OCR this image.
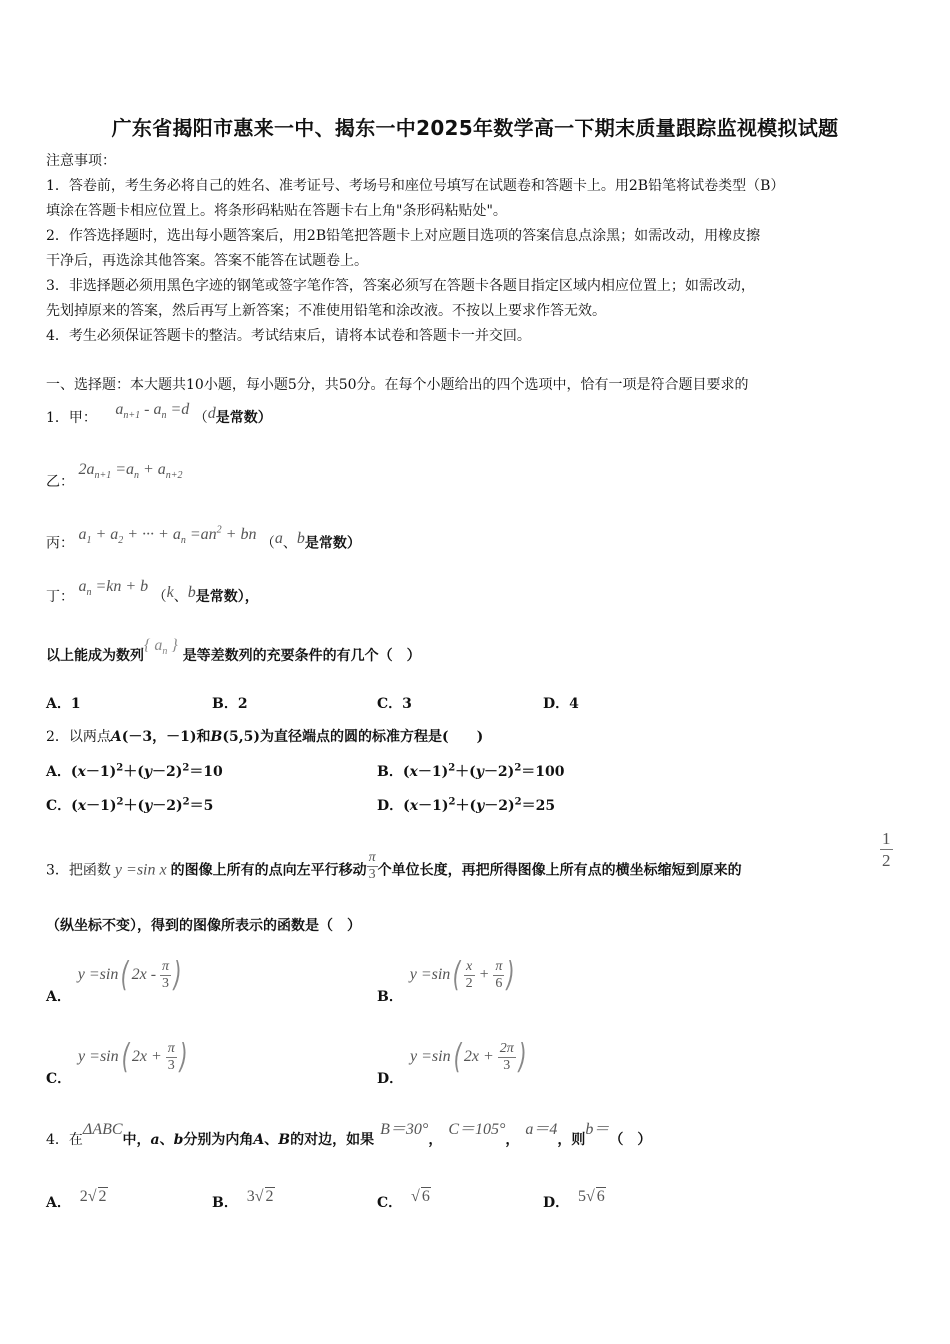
广东省揭阳市惠来一中、揭东一中2025年数学高一下期末质量跟踪监视模拟试题
注意事项：
1．答卷前，考生务必将自己的姓名、准考证号、考场号和座位号填写在试题卷和答题卡上。用2B铅笔将试卷类型（B）
填涂在答题卡相应位置上。将条形码粘贴在答题卡右上角"条形码粘贴处"。
2．作答选择题时，选出每小题答案后，用2B铅笔把答题卡上对应题目选项的答案信息点涂黑；如需改动，用橡皮擦
干净后，再选涂其他答案。答案不能答在试题卷上。
3．非选择题必须用黑色字迹的钢笔或签字笔作答，答案必须写在答题卡各题目指定区域内相应位置上；如需改动，
先划掉原来的答案，然后再写上新答案；不准使用铅笔和涂改液。不按以上要求作答无效。
4．考生必须保证答题卡的整洁。考试结束后，请将本试卷和答题卡一并交回。
一、选择题：本大题共10小题，每小题5分，共50分。在每个小题给出的四个选项中，恰有一项是符合题目要求的
1．甲： $a_{n+1} - a_n =d$ （d是常数）
乙： $2a_{n+1} =a_n + a_{n+2}$
丙： $a_1 + a_2$ + ··· + $a_n =an^2$ + bn （a、b是常数）
丁： $a_n =kn + b$ （k、b是常数），
以上能成为数列{ $a_n$ } 是等差数列的充要条件的有几个（　）
A．1	B．2	C．3	D．4
2．以两点A(－3，－1)和B(5,5)为直径端点的圆的标准方程是(　　)
A．$(x-1)^2+(y-2)^2=10$	B．$(x-1)^2+(y-2)^2=100$
C．$(x-1)^2+(y-2)^2=5$	D．$(x-1)^2+(y-2)^2=25$
3．把函数 y =sin x 的图像上所有的点向左平行移动 $\frac{\pi}{3}$ 个单位长度，再把所得图像上所有点的横坐标缩短到原来的	$\frac{1}{2}$
（纵坐标不变），得到的图像所表示的函数是（　）
A． y =sin( $2x - \frac{\pi}{3}$ )
B． $y =\sin( \frac{x}{2} + \frac{\pi}{6}$ )
C． y =sin( $2x + \frac{\pi}{3}$ )
D． y =sin( $2x + \frac{2\pi}{3}$ )
4．在ΔABC中，a、b分别为内角A、B的对边，如果B＝30°，C＝105°，a＝4，则b＝（　）
A． 2√ 2	B． 3√ 2	C． √ 6	D． 5√ 6
